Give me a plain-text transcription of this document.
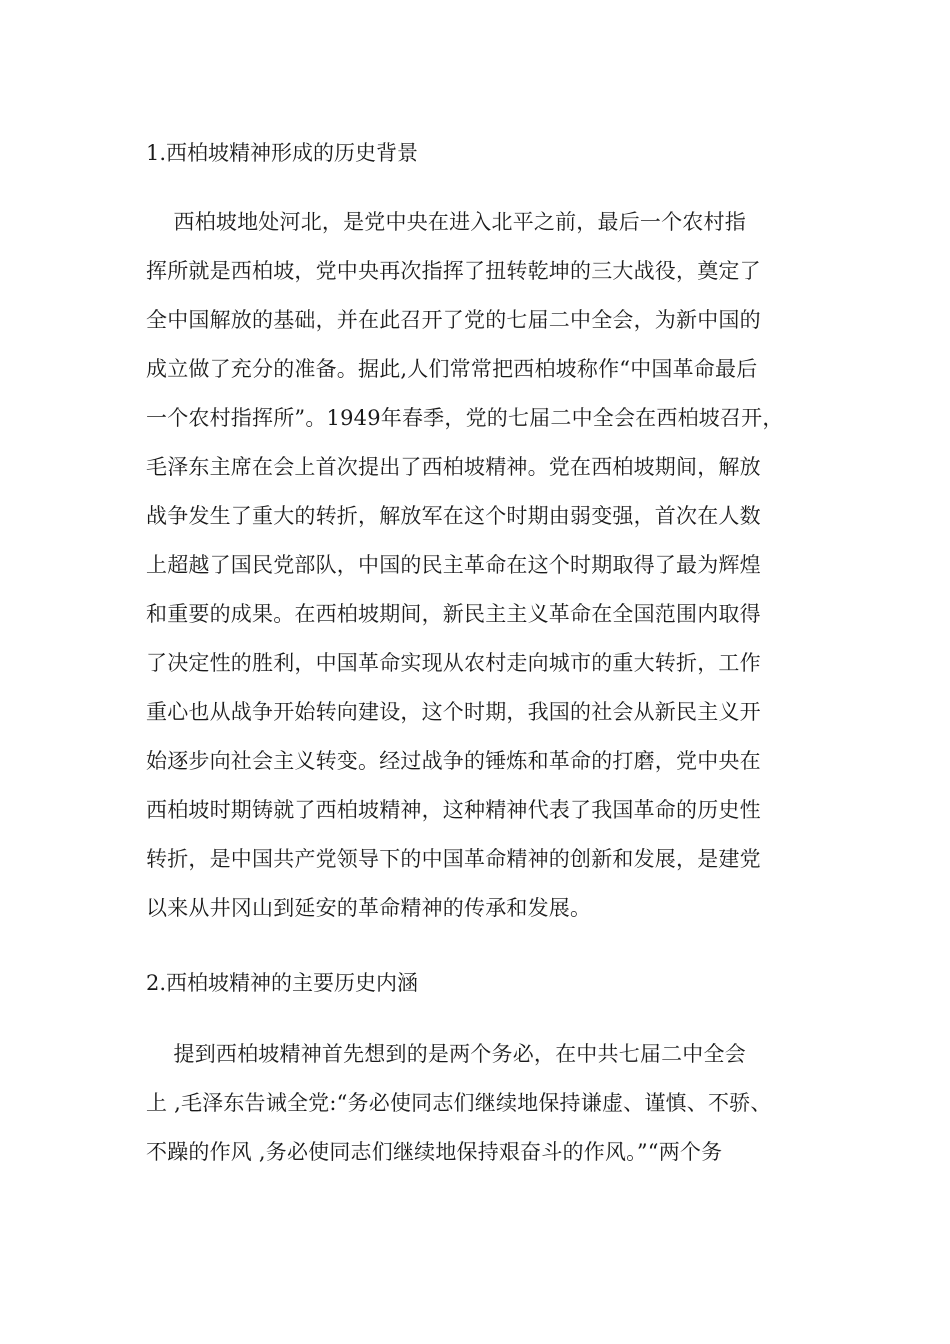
1.西柏坡精神形成的历史背景
西柏坡地处河北，是党中央在进入北平之前，最后一个农村指
挥所就是西柏坡，党中央再次指挥了扭转乾坤的三大战役，奠定了
全中国解放的基础，并在此召开了党的七届二中全会，为新中国的
成立做了充分的准备。据此,人们常常把西柏坡称作“中国革命最后
一个农村指挥所”。1949年春季，党的七届二中全会在西柏坡召开，
毛泽东主席在会上首次提出了西柏坡精神。党在西柏坡期间，解放
战争发生了重大的转折，解放军在这个时期由弱变强，首次在人数
上超越了国民党部队，中国的民主革命在这个时期取得了最为辉煌
和重要的成果。在西柏坡期间，新民主主义革命在全国范围内取得
了决定性的胜利，中国革命实现从农村走向城市的重大转折，工作
重心也从战争开始转向建设，这个时期，我国的社会从新民主义开
始逐步向社会主义转变。经过战争的锤炼和革命的打磨，党中央在
西柏坡时期铸就了西柏坡精神，这种精神代表了我国革命的历史性
转折，是中国共产党领导下的中国革命精神的创新和发展，是建党
以来从井冈山到延安的革命精神的传承和发展。
2.西柏坡精神的主要历史内涵
提到西柏坡精神首先想到的是两个务必，在中共七届二中全会
上 ,毛泽东告诫全党:“务必使同志们继续地保持谦虚、谨慎、不骄、
不躁的作风 ,务必使同志们继续地保持艰奋斗的作风。”“两个务
